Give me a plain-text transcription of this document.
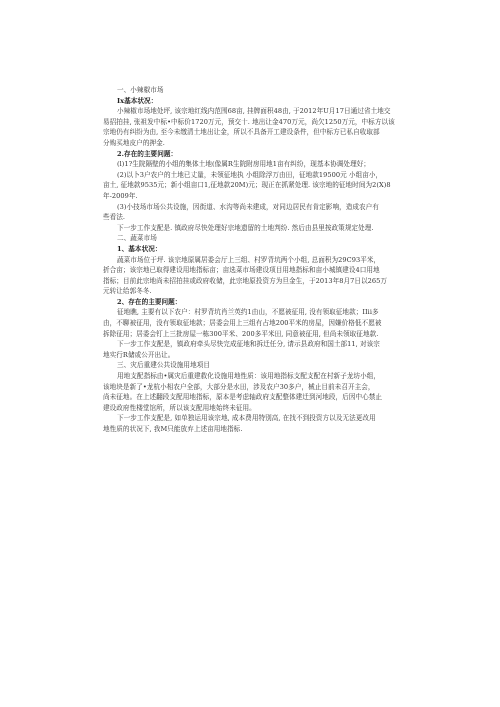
一、小辣椒市场
Ix基本状况：
小辣椒市场地处坪, 该宗地红线内范围68亩, 挂牌面积48由, 于2012年U月17日通过省土地交
易招拍挂, 张祖发中标•中标价1720万元，预交十. 地出让金470万元，尚欠1250万元，中标方以该
宗地仍有纠纷为由, 至今未缴清土地出让金，所以不具备开工建设条件，但中标方已私自收取部
分购买地皮户的押金.
2.存在的主要问题：
(l)1?生院隔壁的小组的集体土地(像属R生院附房用地1亩有纠纷，现基本协调处理好；
(2)以卜3户农户的土地已丈量，未领征地执 小组除浮万由田，征地款19500元 小组亩小，
亩土, 征地款9535元；新小组亩口1,征地款20M)元；现正在抓紧处理. 该宗地的征地时间为2(X)8
年-2009年.
(3)小技场市场公共设施，因街道、水沟等尚未建成，对同边居民有肯定影响，造成农户有
些看法.
下一步工作支配是. 镇政府尽快处理好宗地遗留的土地判纷. 然后由县里按政策规定处理.
二、蔬菜市场
1、基本状况：
蔬菜市场位于坪. 该宗地原属居委会厅上三组、村罗背坑两个小组, 总面积为29C93平米，
折合亩；该宗地已取得建设用地指标亩；亩选菜市场建设项目用地指标和亩小城镇建设4口用地
指标；目前此宗地尚未招拍挂或政府收储，此宗地原投资方为旦金生，于2013年8月7日以265万
元转让给郭冬冬.
2、存在的主要问题：
征地瞧, 主要有以下农户：村罗背坑肖兰英约1由山，不愿被征用, 没有领取征地款；IIii多
由，不聊被征用，没有领取征地款；居委会用上三组有占地200平米的房屋，因嫌价格低不愿被
拆除征用；居委会钉上三批房屋一栋300平米、200多平米田, 同意被征用, 但尚未领取征地款.
下一步工作支配是，镇政府牵头尽快完成征地和拆迁任分, 请示县政府和国土部11, 对该宗
地实行R储或公开出让。
三、灾后重建公共设施用地项目
用地支配指标由•属灾后重建救化设施用地性质：该用地指标支配支配在村新子龙坊小组，
该地块是新了•龙杭小相农户全部，大部分是水田，涉及农户30多户，械止目前未召开主会，
尚未征地。在上述翻段支配用地指标，原本是考虑轴政府支配整体建迁到河地段，后因中心禁止
建设政府性楼堂馆所，所以该支配用地始终未征用。
下一步工作支配是, 如单独运用该宗地, 成本费用特别高, 在找不到投资方以及无法更改用
地性质的状况下, 我M只能放弃上述亩用地指标.
